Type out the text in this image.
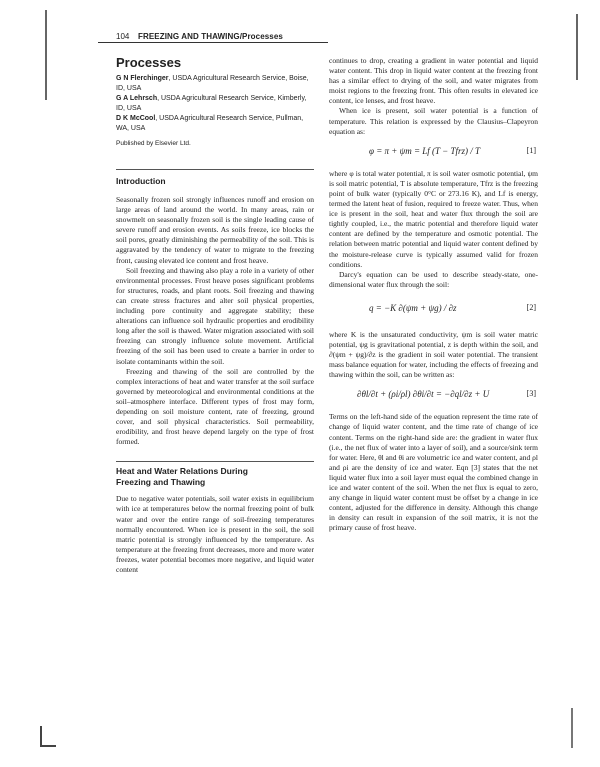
104 FREEZING AND THAWING/Processes
Processes

G N Flerchinger, USDA Agricultural Research Service, Boise, ID, USA

G A Lehrsch, USDA Agricultural Research Service, Kimberly, ID, USA

D K McCool, USDA Agricultural Research Service, Pullman, WA, USA

Published by Elsevier Ltd.

Introduction

Seasonally frozen soil strongly influences runoff and erosion on large areas of land around the world. In many areas, rain or snowmelt on seasonally frozen soil is the single leading cause of severe runoff and erosion events. As soils freeze, ice blocks the soil pores, greatly diminishing the permeability of the soil. This is aggravated by the tendency of water to migrate to the freezing front, causing elevated ice content and frost heave.

Soil freezing and thawing also play a role in a variety of other environmental processes. Frost heave poses significant problems for structures, roads, and plant roots. Soil freezing and thawing can create stress fractures and alter soil physical properties, including pore continuity and aggregate stability; these alterations can influence soil hydraulic properties and erodibility long after the soil is thawed. Water migration associated with soil freezing can strongly influence solute movement. Artificial freezing of the soil has been used to create a barrier in order to isolate contaminants within the soil.

Freezing and thawing of the soil are controlled by the complex interactions of heat and water transfer at the soil surface governed by meteorological and environmental conditions at the soil–atmosphere interface. Different types of frost may form, depending on soil moisture content, rate of freezing, ground cover, and soil physical characteristics. Soil permeability, erodibility, and frost heave depend largely on the type of frost formed.

Heat and Water Relations During
Freezing and Thawing

Due to negative water potentials, soil water exists in equilibrium with ice at temperatures below the normal freezing point of bulk water and over the entire range of soil-freezing temperatures normally encountered. When ice is present in the soil, the soil matric potential is strongly influenced by the temperature. As temperature at the freezing front decreases, more and more water freezes, water potential becomes more negative, and liquid water content

continues to drop, creating a gradient in water potential and liquid water content. This drop in liquid water content at the freezing front has a similar effect to drying of the soil, and water migrates from moist regions to the freezing front. This often results in elevated ice content, ice lenses, and frost heave.

When ice is present, soil water potential is a function of temperature. This relation is expressed by the Clausius–Clapeyron equation as:

φ = π + ψm = Lf (T − Tfrz) / T	[1]

where φ is total water potential, π is soil water osmotic potential, ψm is soil matric potential, T is absolute temperature, Tfrz is the freezing point of bulk water (typically 0°C or 273.16 K), and Lf is energy, termed the latent heat of fusion, required to freeze water. Thus, when ice is present in the soil, heat and water flux through the soil are tightly coupled, i.e., the matric potential and therefore liquid water content are defined by the temperature and osmotic potential. The relation between matric potential and liquid water content defined by the moisture-release curve is typically assumed valid for frozen conditions.

Darcy's equation can be used to describe steady-state, one-dimensional water flux through the soil:

q = −K ∂(ψm + ψg) / ∂z	[2]

where K is the unsaturated conductivity, ψm is soil water matric potential, ψg is gravitational potential, z is depth within the soil, and ∂(ψm + ψg)/∂z is the gradient in soil water potential. The transient mass balance equation for water, including the effects of freezing and thawing within the soil, can be written as:

∂θl/∂t + (ρi/ρl) ∂θi/∂t = −∂ql/∂z + U	[3]

Terms on the left-hand side of the equation represent the time rate of change of liquid water content, and the time rate of change of ice content. Terms on the right-hand side are: the gradient in water flux (i.e., the net flux of water into a layer of soil), and a source/sink term for water. Here, θl and θi are volumetric ice and water content, and ρl and ρi are the density of ice and water. Eqn [3] states that the net liquid water flux into a soil layer must equal the combined change in ice and water content of the soil. When the net flux is equal to zero, any change in liquid water content must be offset by a change in ice content, adjusted for the difference in density. Although this change in density can result in expansion of the soil matrix, it is not the primary cause of frost heave.
